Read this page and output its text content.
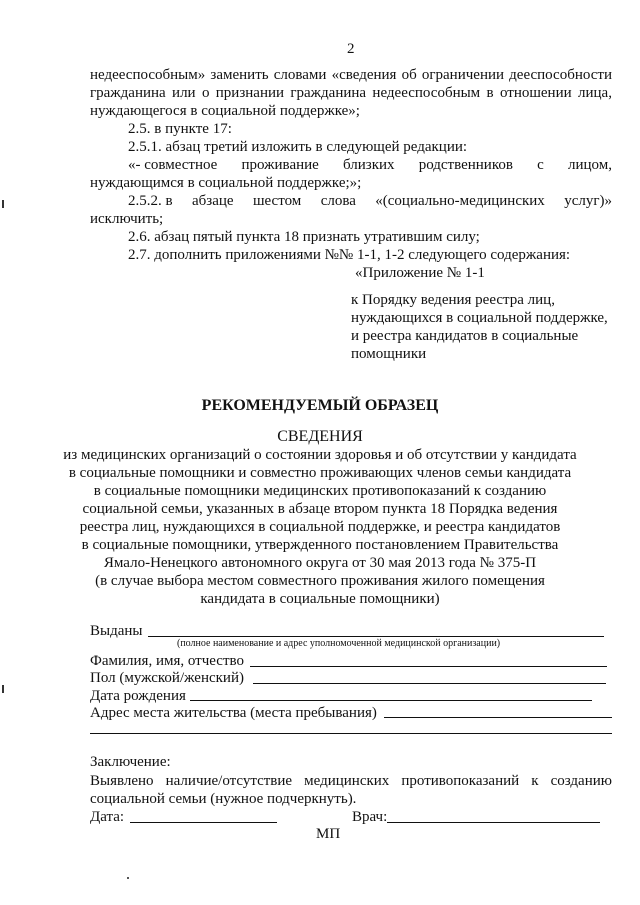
2
недееспособным» заменить словами «сведения об ограничении дееспособности
гражданина или о признании гражданина недееспособным в отношении лица,
нуждающегося в социальной поддержке»;
2.5. в пункте 17:
2.5.1. абзац третий изложить в следующей редакции:
«- совместное проживание близких родственников с лицом,
нуждающимся в социальной поддержке;»;
2.5.2. в абзаце шестом слова «(социально-медицинских услуг)»
исключить;
2.6. абзац пятый пункта 18 признать утратившим силу;
2.7. дополнить приложениями №№ 1-1, 1-2 следующего содержания:
«Приложение № 1-1
к Порядку ведения реестра лиц,
нуждающихся в социальной поддержке,
и реестра кандидатов в социальные
помощники
РЕКОМЕНДУЕМЫЙ ОБРАЗЕЦ
СВЕДЕНИЯ
из медицинских организаций о состоянии здоровья и об отсутствии у кандидата
в социальные помощники и совместно проживающих членов семьи кандидата
в социальные помощники медицинских противопоказаний к созданию
социальной семьи, указанных в абзаце втором пункта 18 Порядка ведения
реестра лиц, нуждающихся в социальной поддержке, и реестра кандидатов
в социальные помощники, утвержденного постановлением Правительства
Ямало-Ненецкого автономного округа от 30 мая 2013 года № 375-П
(в случае выбора местом совместного проживания жилого помещения
кандидата в социальные помощники)
Выданы
(полное наименование и адрес уполномоченной медицинской организации)
Фамилия, имя, отчество
Пол (мужской/женский)
Дата рождения
Адрес места жительства (места пребывания)
Заключение:
Выявлено наличие/отсутствие медицинских противопоказаний к созданию
социальной семьи (нужное подчеркнуть).
Дата:	Врач:
МП
